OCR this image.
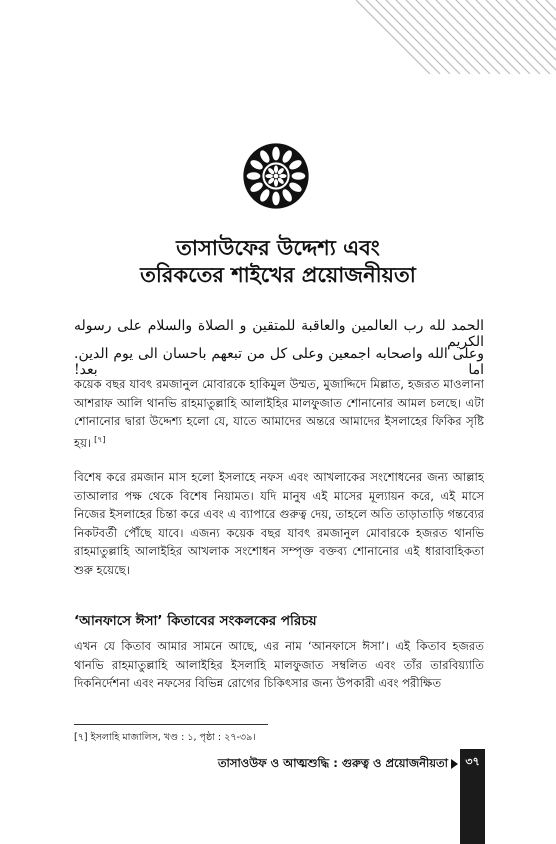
তাসাউফের উদ্দেশ্য এবং
তরিকতের শাইখের প্রয়োজনীয়তা
الحمد لله رب العالمين والعاقبة للمتقين و الصلاة والسلام على رسوله الكريم
وعلى الله واصحابه اجمعين وعلى كل من تبعهم باحسان الى يوم الدين. اما بعد!

কয়েক বছর যাবৎ রমজানুল মোবারকে হাকিমুল উম্মত, মুজাদ্দিদে মিল্লাত, হজরত মাওলানা আশরাফ আলি থানভি রাহমাতুল্লাহি আলাইহির মালফুজাত শোনানোর আমল চলছে। এটা শোনানোর দ্বারা উদ্দেশ্য হলো যে, যাতে আমাদের অন্তরে আমাদের ইসলাহের ফিকির সৃষ্টি হয়। [৭]

বিশেষ করে রমজান মাস হলো ইসলাহে নফস এবং আখলাকের সংশোধনের জন্য আল্লাহ তাআলার পক্ষ থেকে বিশেষ নিয়ামত। যদি মানুষ এই মাসের মূল্যায়ন করে, এই মাসে নিজের ইসলাহের চিন্তা করে এবং এ ব্যাপারে গুরুত্ব দেয়, তাহলে অতি তাড়াতাড়ি গন্তব্যের নিকটবর্তী পৌঁছে যাবে। এজন্য কয়েক বছর যাবৎ রমজানুল মোবারকে হজরত থানভি রাহমাতুল্লাহি আলাইহির আখলাক সংশোধন সম্পৃক্ত বক্তব্য শোনানোর এই ধারাবাহিকতা শুরু হয়েছে।

‘আনফাসে ঈসা’ কিতাবের সংকলকের পরিচয়

এখন যে কিতাব আমার সামনে আছে, এর নাম ‘আনফাসে ঈসা’। এই কিতাব হজরত থানভি রাহমাতুল্লাহি আলাইহির ইসলাহি মালফুজাত সম্বলিত এবং তাঁর তারবিয়্যাতি দিকনির্দেশনা এবং নফসের বিভিন্ন রোগের চিকিৎসার জন্য উপকারী এবং পরীক্ষিত

[৭] ইসলাহি মাজালিস, খণ্ড : ১, পৃষ্ঠা : ২৭-৩৯।
তাসাওউফ ও আত্মশুদ্ধি : গুরুত্ব ও প্রয়োজনীয়তা	৩৭
